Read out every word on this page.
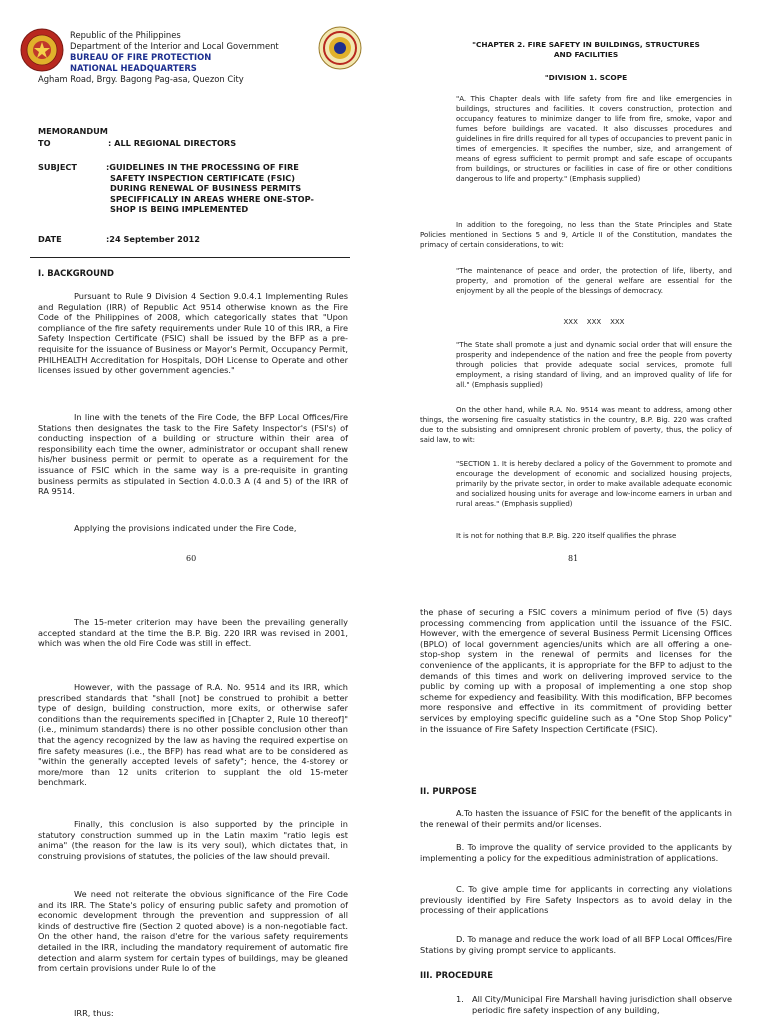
Republic of the Philippines
Department of the Interior and Local Government
BUREAU OF FIRE PROTECTION
NATIONAL HEADQUARTERS
Agham Road, Brgy. Bagong Pag-asa, Quezon City
MEMORANDUM
TO	: ALL REGIONAL DIRECTORS
SUBJECT	:GUIDELINES IN THE PROCESSING OF FIRE
SAFETY INSPECTION CERTIFICATE (FSIC)
DURING RENEWAL OF BUSINESS PERMITS
SPECIFFICALLY IN AREAS WHERE ONE-STOP-
SHOP IS BEING IMPLEMENTED
DATE	:24 September 2012
I. BACKGROUND
Pursuant to Rule 9 Division 4 Section 9.0.4.1 Implementing Rules and Regulation (IRR) of Republic Act 9514 otherwise known as the Fire Code of the Philippines of 2008, which categorically states that "Upon compliance of the fire safety requirements under Rule 10 of this IRR, a Fire Safety Inspection Certificate (FSIC) shall be issued by the BFP as a pre-requisite for the issuance of Business or Mayor's Permit, Occupancy Permit, PHILHEALTH Accreditation for Hospitals, DOH License to Operate and other licenses issued by other government agencies."
In line with the tenets of the Fire Code, the BFP Local Offices/Fire Stations then designates the task to the Fire Safety Inspector's (FSI's) of conducting inspection of a building or structure within their area of responsibility each time the owner, administrator or occupant shall renew his/her business permit or permit to operate as a requirement for the issuance of FSIC which in the same way is a pre-requisite in granting business permits as stipulated in Section 4.0.0.3 A (4 and 5) of the IRR of RA 9514.
Applying the provisions indicated under the Fire Code,
60
"CHAPTER 2. FIRE SAFETY IN BUILDINGS, STRUCTURES AND FACILITIES
"DIVISION 1. SCOPE
"A. This Chapter deals with life safety from fire and like emergencies in buildings, structures and facilities. It covers construction, protection and occupancy features to minimize danger to life from fire, smoke, vapor and fumes before buildings are vacated. It also discusses procedures and guidelines in fire drills required for all types of occupancies to prevent panic in times of emergencies. It specifies the number, size, and arrangement of means of egress sufficient to permit prompt and safe escape of occupants from buildings, or structures or facilities in case of fire or other conditions dangerous to life and property." (Emphasis supplied)
In addition to the foregoing, no less than the State Principles and State Policies mentioned in Sections 5 and 9, Article II of the Constitution, mandates the primacy of certain considerations, to wit:
"The maintenance of peace and order, the protection of life, liberty, and property, and promotion of the general welfare are essential for the enjoyment by all the people of the blessings of democracy.
XXX    XXX    XXX
"The State shall promote a just and dynamic social order that will ensure the prosperity and independence of the nation and free the people from poverty through policies that provide adequate social services, promote full employment, a rising standard of living, and an improved quality of life for all." (Emphasis supplied)
On the other hand, while R.A. No. 9514 was meant to address, among other things, the worsening fire casualty statistics in the country, B.P. Big. 220 was crafted due to the subsisting and omnipresent chronic problem of poverty, thus, the policy of said law, to wit:
"SECTION 1. It is hereby declared a policy of the Government to promote and encourage the development of economic and socialized housing projects, primarily by the private sector, in order to make available adequate economic and socialized housing units for average and low-income earners in urban and rural areas." (Emphasis supplied)
It is not for nothing that B.P. Big. 220 itself qualifies the phrase
81
The 15-meter criterion may have been the prevailing generally accepted standard at the time the B.P. Big. 220 IRR was revised in 2001, which was when the old Fire Code was still in effect.
However, with the passage of R.A. No. 9514 and its IRR, which prescribed standards that "shall [not] be construed to prohibit a better type of design, building construction, more exits, or otherwise safer conditions than the requirements specified in [Chapter 2, Rule 10 thereof]" (i.e., minimum standards) there is no other possible conclusion other than that the agency recognized by the law as having the required expertise on fire safety measures (i.e., the BFP) has read what are to be considered as "within the generally accepted levels of safety"; hence, the 4-storey or more/more than 12 units criterion to supplant the old 15-meter benchmark.
Finally, this conclusion is also supported by the principle in statutory construction summed up in the Latin maxim "ratio legis est anima" (the reason for the law is its very soul), which dictates that, in construing provisions of statutes, the policies of the law should prevail.
We need not reiterate the obvious significance of the Fire Code and its IRR. The State's policy of ensuring public safety and promotion of economic development through the prevention and suppression of all kinds of destructive fire (Section 2 quoted above) is a non-negotiable fact. On the other hand, the raison d'etre for the various safety requirements detailed in the IRR, including the mandatory requirement of automatic fire detection and alarm system for certain types of buildings, may be gleaned from certain provisions under Rule lo of the
IRR, thus:
the phase of securing a FSIC covers a minimum period of five (5) days processing commencing from application until the issuance of the FSIC. However, with the emergence of several Business Permit Licensing Offices (BPLO) of local government agencies/units which are all offering a one-stop-shop system in the renewal of permits and licenses for the convenience of the applicants, it is appropriate for the BFP to adjust to the demands of this times and work on delivering improved service to the public by coming up with a proposal of implementing a one stop shop scheme for expediency and feasibility. With this modification, BFP becomes more responsive and effective in its commitment of providing better services by employing specific guideline such as a "One Stop Shop Policy" in the issuance of Fire Safety Inspection Certificate (FSIC).
II. PURPOSE
A.To hasten the issuance of FSIC for the benefit of the applicants in the renewal of their permits and/or licenses.
B. To improve the quality of service provided to the applicants by implementing a policy for the expeditious administration of applications.
C. To give ample time for applicants in correcting any violations previously identified by Fire Safety Inspectors as to avoid delay in the processing of their applications
D. To manage and reduce the work load of all BFP Local Offices/Fire Stations by giving prompt service to applicants.
III. PROCEDURE
1. All City/Municipal Fire Marshall having jurisdiction shall observe periodic fire safety inspection of any building,
